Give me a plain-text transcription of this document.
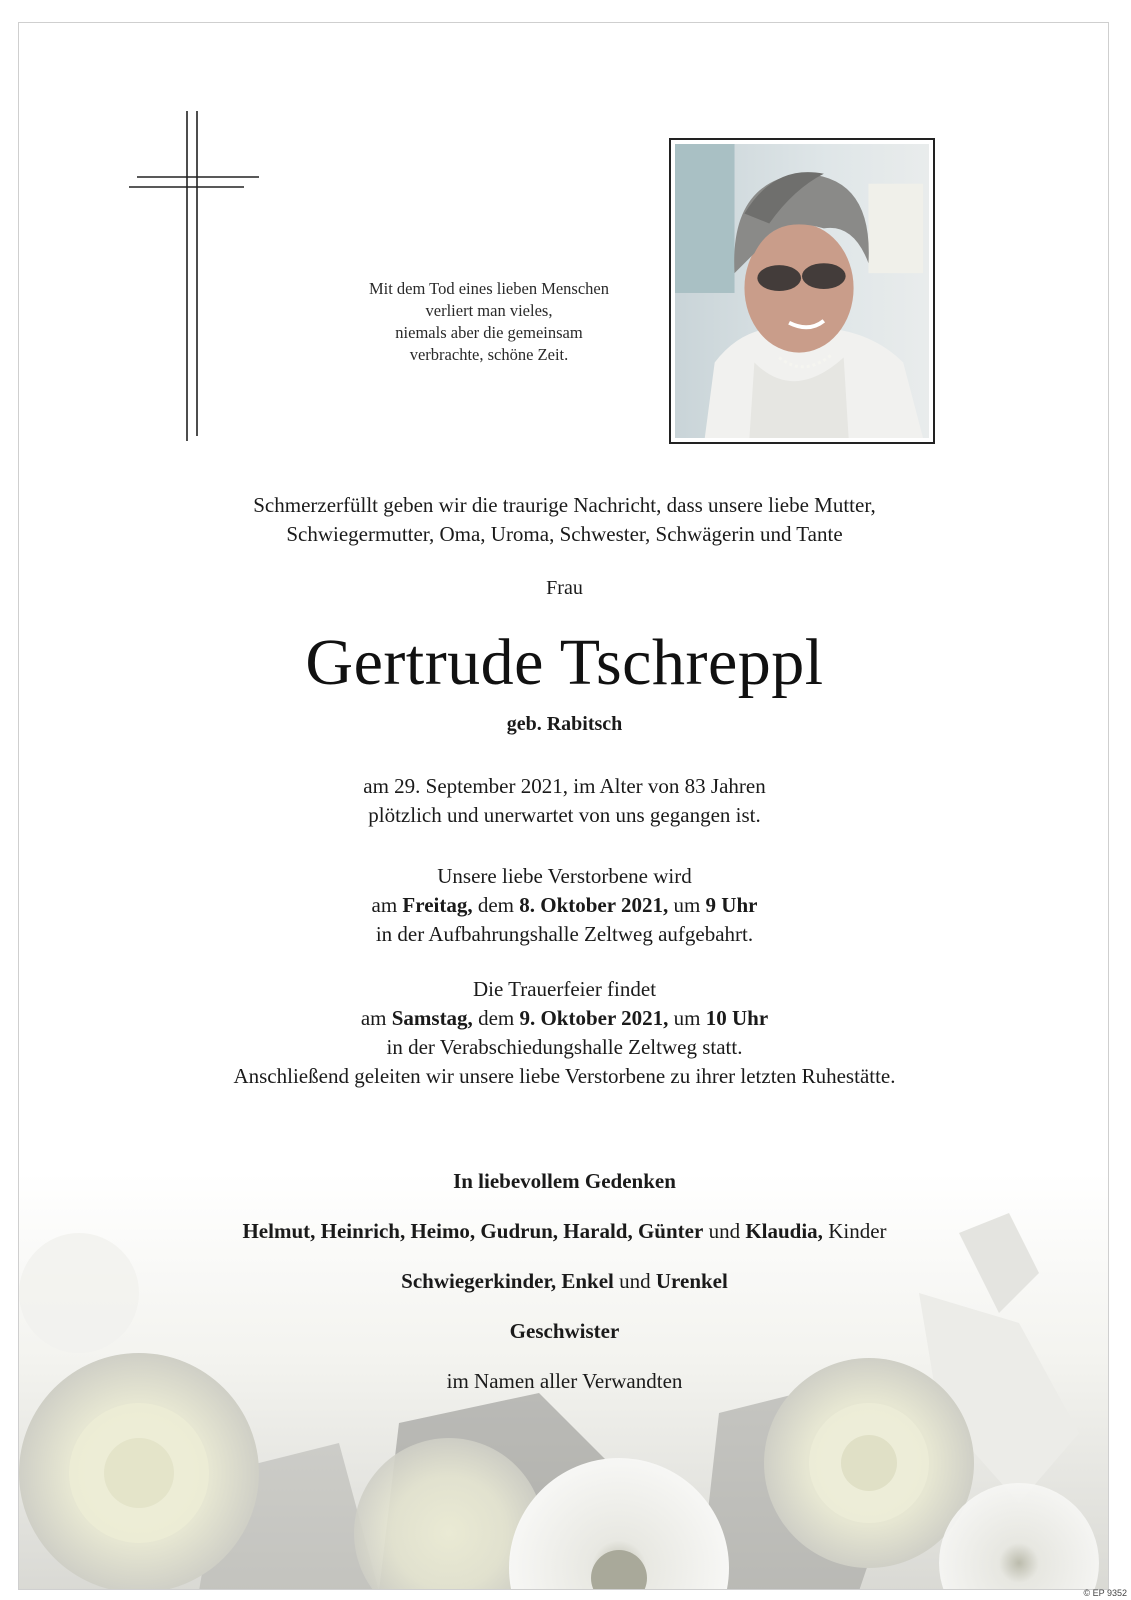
Mit dem Tod eines lieben Menschen
verliert man vieles,
niemals aber die gemeinsam
verbrachte, schöne Zeit.
Schmerzerfüllt geben wir die traurige Nachricht, dass unsere liebe Mutter,
Schwiegermutter, Oma, Uroma, Schwester, Schwägerin und Tante
Frau
Gertrude Tschreppl
geb. Rabitsch
am 29. September 2021, im Alter von 83 Jahren
plötzlich und unerwartet von uns gegangen ist.
Unsere liebe Verstorbene wird
am Freitag, dem 8. Oktober 2021, um 9 Uhr
in der Aufbahrungshalle Zeltweg aufgebahrt.
Die Trauerfeier findet
am Samstag, dem 9. Oktober 2021, um 10 Uhr
in der Verabschiedungshalle Zeltweg statt.
Anschließend geleiten wir unsere liebe Verstorbene zu ihrer letzten Ruhestätte.
In liebevollem Gedenken
Helmut, Heinrich, Heimo, Gudrun, Harald, Günter und Klaudia, Kinder
Schwiegerkinder, Enkel und Urenkel
Geschwister
im Namen aller Verwandten
© EP 9352
